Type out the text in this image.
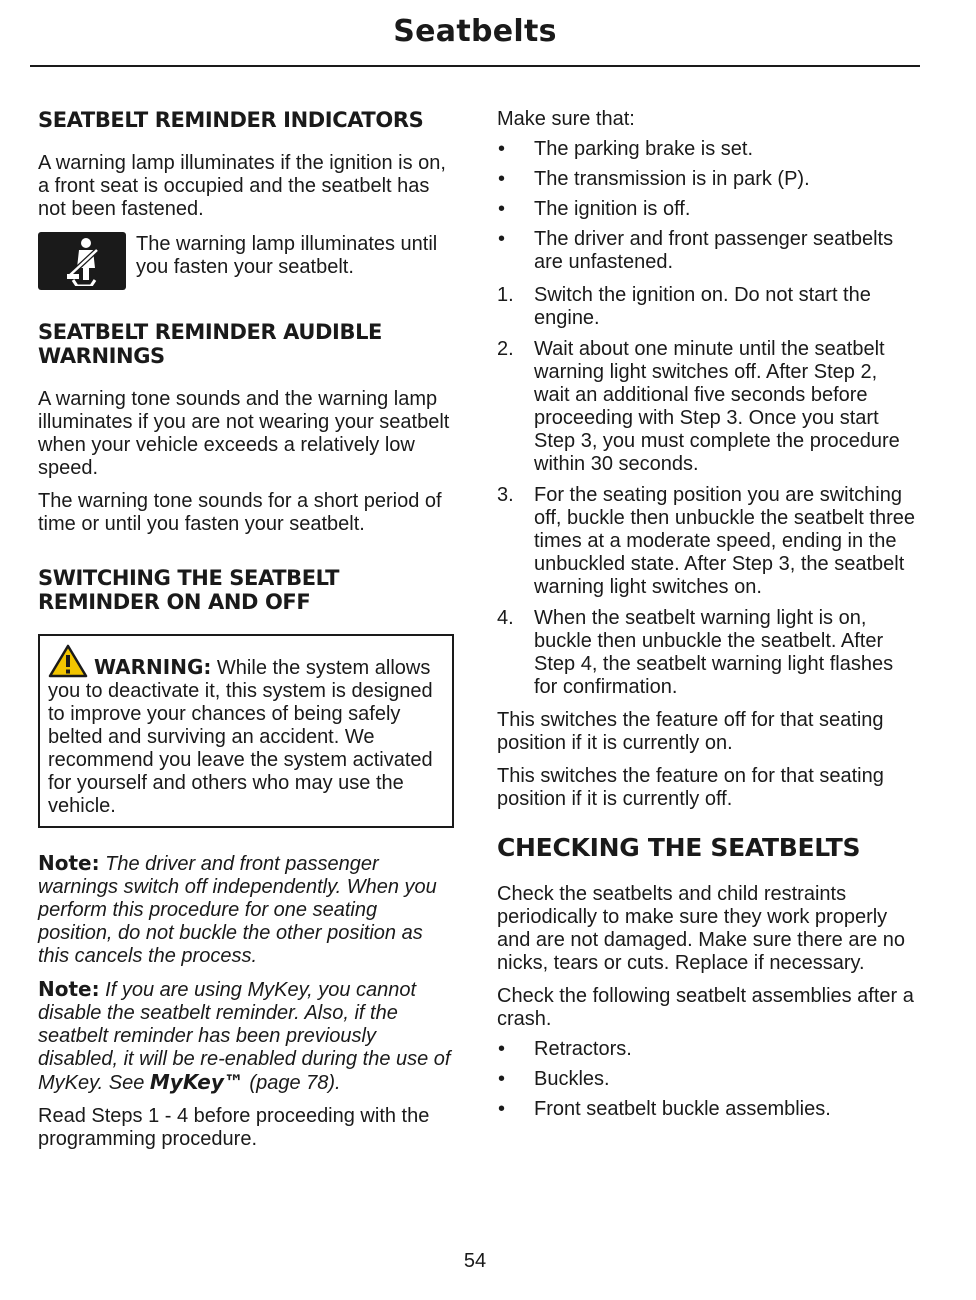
Seatbelts
SEATBELT REMINDER INDICATORS

A warning lamp illuminates if the ignition is on, a front seat is occupied and the seatbelt has not been fastened.

The warning lamp illuminates until you fasten your seatbelt.

SEATBELT REMINDER AUDIBLE WARNINGS

A warning tone sounds and the warning lamp illuminates if you are not wearing your seatbelt when your vehicle exceeds a relatively low speed.

The warning tone sounds for a short period of time or until you fasten your seatbelt.

SWITCHING THE SEATBELT REMINDER ON AND OFF

WARNING: While the system allows you to deactivate it, this system is designed to improve your chances of being safely belted and surviving an accident. We recommend you leave the system activated for yourself and others who may use the vehicle.

Note: The driver and front passenger warnings switch off independently. When you perform this procedure for one seating position, do not buckle the other position as this cancels the process.

Note: If you are using MyKey, you cannot disable the seatbelt reminder. Also, if the seatbelt reminder has been previously disabled, it will be re-enabled during the use of MyKey. See MyKey™ (page 78).

Read Steps 1 - 4 before proceeding with the programming procedure.

Make sure that:

• The parking brake is set.
• The transmission is in park (P).
• The ignition is off.
• The driver and front passenger seatbelts are unfastened.
1. Switch the ignition on. Do not start the engine.
2. Wait about one minute until the seatbelt warning light switches off. After Step 2, wait an additional five seconds before proceeding with Step 3. Once you start Step 3, you must complete the procedure within 30 seconds.
3. For the seating position you are switching off, buckle then unbuckle the seatbelt three times at a moderate speed, ending in the unbuckled state. After Step 3, the seatbelt warning light switches on.
4. When the seatbelt warning light is on, buckle then unbuckle the seatbelt. After Step 4, the seatbelt warning light flashes for confirmation.

This switches the feature off for that seating position if it is currently on.

This switches the feature on for that seating position if it is currently off.

CHECKING THE SEATBELTS

Check the seatbelts and child restraints periodically to make sure they work properly and are not damaged. Make sure there are no nicks, tears or cuts. Replace if necessary.

Check the following seatbelt assemblies after a crash.

• Retractors.
• Buckles.
• Front seatbelt buckle assemblies.
54
